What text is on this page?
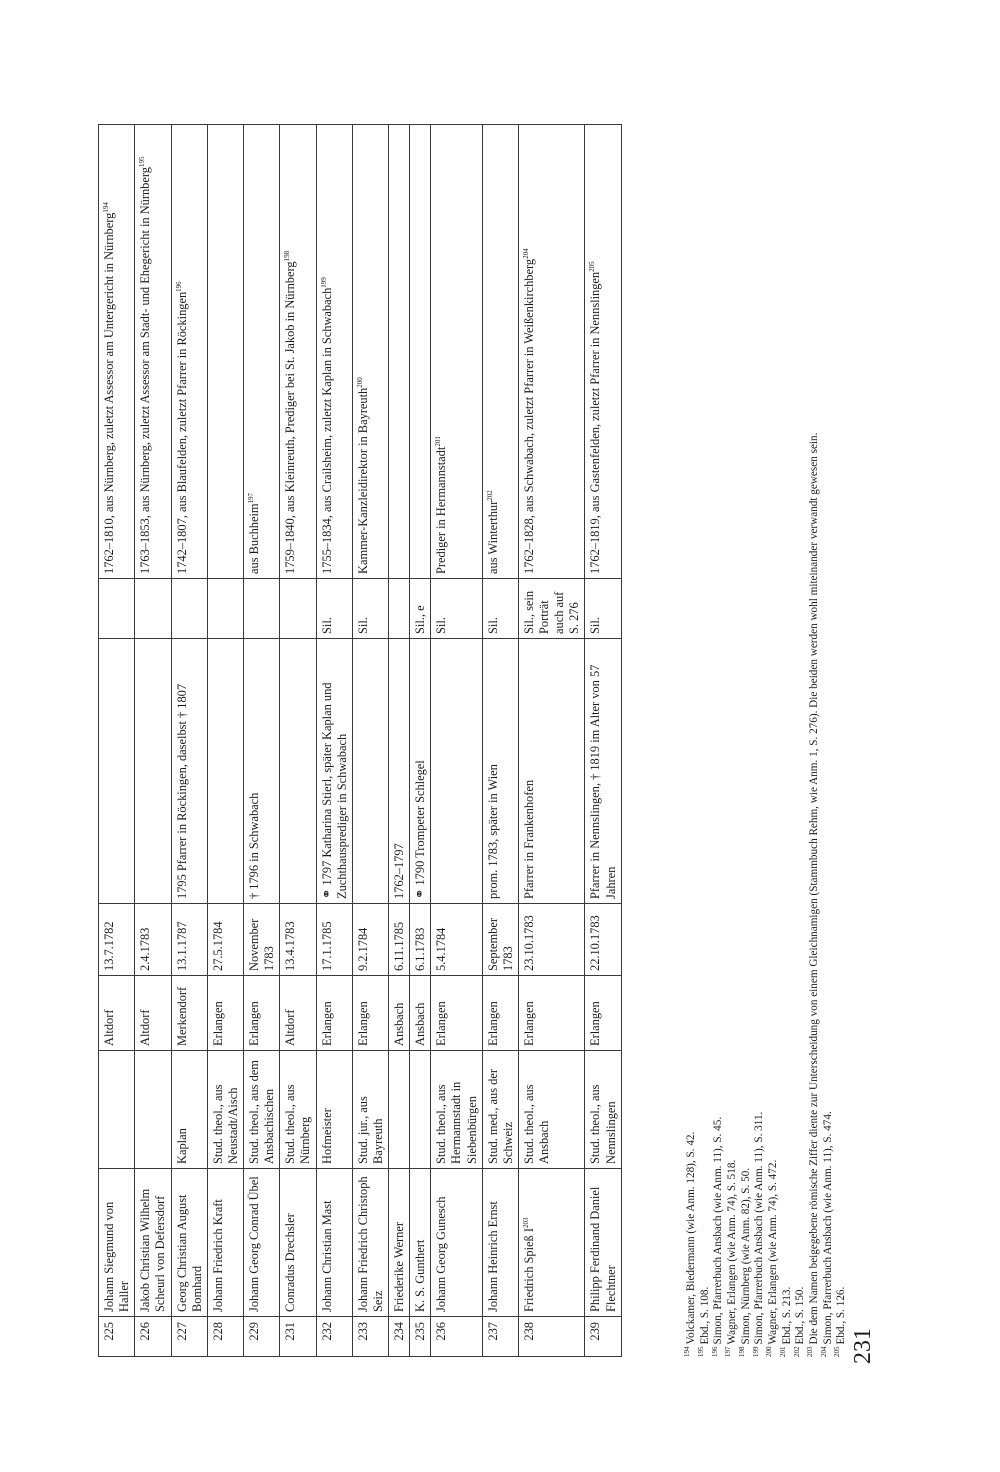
225	Johann Siegmund von Haller		Altdorf	13.7.1782			1762–1810, aus Nürnberg, zuletzt Assessor am Untergericht in Nürnberg$^{194}$
226	Jakob Christian Wilhelm Scheurl von Defersdorf		Altdorf	2.4.1783			1763–1853, aus Nürnberg, zuletzt Assessor am Stadt- und Ehegericht in Nürnberg$^{195}$
227	Georg Christian August Bomhard	Kaplan	Merkendorf	13.1.1787	1795 Pfarrer in Röckingen, daselbst † 1807		1742–1807, aus Blaufelden, zuletzt Pfarrer in Röckingen$^{196}$
228	Johann Friedrich Kraft	Stud. theol., aus Neustadt/Aisch	Erlangen	27.5.1784			
229	Johann Georg Conrad Übel	Stud. theol., aus dem Ansbachischen	Erlangen	November 1783	† 1796 in Schwabach		aus Buchheim$^{197}$
231	Conradus Drechsler	Stud. theol., aus Nürnberg	Altdorf	13.4.1783			1759–1840, aus Kleinreuth, Prediger bei St. Jakob in Nürnberg$^{198}$
232	Johann Christian Mast	Hofmeister	Erlangen	17.1.1785	⚭ 1797 Katharina Stierl, später Kaplan und Zuchthausprediger in Schwabach	Sil.	1755–1834, aus Crailsheim, zuletzt Kaplan in Schwabach$^{199}$
233	Johann Friedrich Christoph Seiz	Stud. jur., aus Bayreuth	Erlangen	9.2.1784		Sil.	Kammer-Kanzleidirektor in Bayreuth$^{200}$
234	Friederike Werner		Ansbach	6.11.1785	1762–1797		
235	K. S. Gunthert		Ansbach	6.1.1783	⚭ 1790 Trompeter Schlegel	Sil., e	
236	Johann Georg Gunesch	Stud. theol., aus Hermannstadt in Siebenbürgen	Erlangen	5.4.1784		Sil.	Prediger in Hermannstadt$^{201}$
237	Johann Heinrich Ernst	Stud. med., aus der Schweiz	Erlangen	September 1783	prom. 1783, später in Wien	Sil.	aus Winterthur$^{202}$
238	Friedrich Spieß $I^{203}$	Stud. theol., aus Ansbach	Erlangen	23.10.1783	Pfarrer in Frankenhofen	Sil., sein Porträt auch auf S. 276	1762–1828, aus Schwabach, zuletzt Pfarrer in Weißenkirchberg$^{204}$
239	Philipp Ferdinand Daniel Flechtner	Stud. theol., aus Nennslingen	Erlangen	22.10.1783	Pfarrer in Nennslingen, † 1819 im Alter von 57 Jahren	Sil.	1762–1819, aus Gastenfelden, zuletzt Pfarrer in Nennslingen$^{205}$
194Volckamer, Biedermann (wie Anm. 128), S. 42.
195Ebd., S. 108.
196Simon, Pfarrerbuch Ansbach (wie Anm. 11), S. 45.
197Wagner, Erlangen (wie Anm. 74), S. 518.
198Simon, Nürnberg (wie Anm. 82), S. 50.
199Simon, Pfarrerbuch Ansbach (wie Anm. 11), S. 311.
200Wagner, Erlangen (wie Anm. 74), S. 472.
201Ebd., S. 213.
202Ebd., S. 150.
203Die dem Namen beigegebene römische Ziffer diente zur Unterscheidung von einem Gleichnamigen (Stammbuch Rehm, wie Anm. 1, S. 276). Die beiden werden wohl miteinander verwandt gewesen sein.
204Simon, Pfarrerbuch Ansbach (wie Anm. 11), S. 474.
205Ebd., S. 126.
231
